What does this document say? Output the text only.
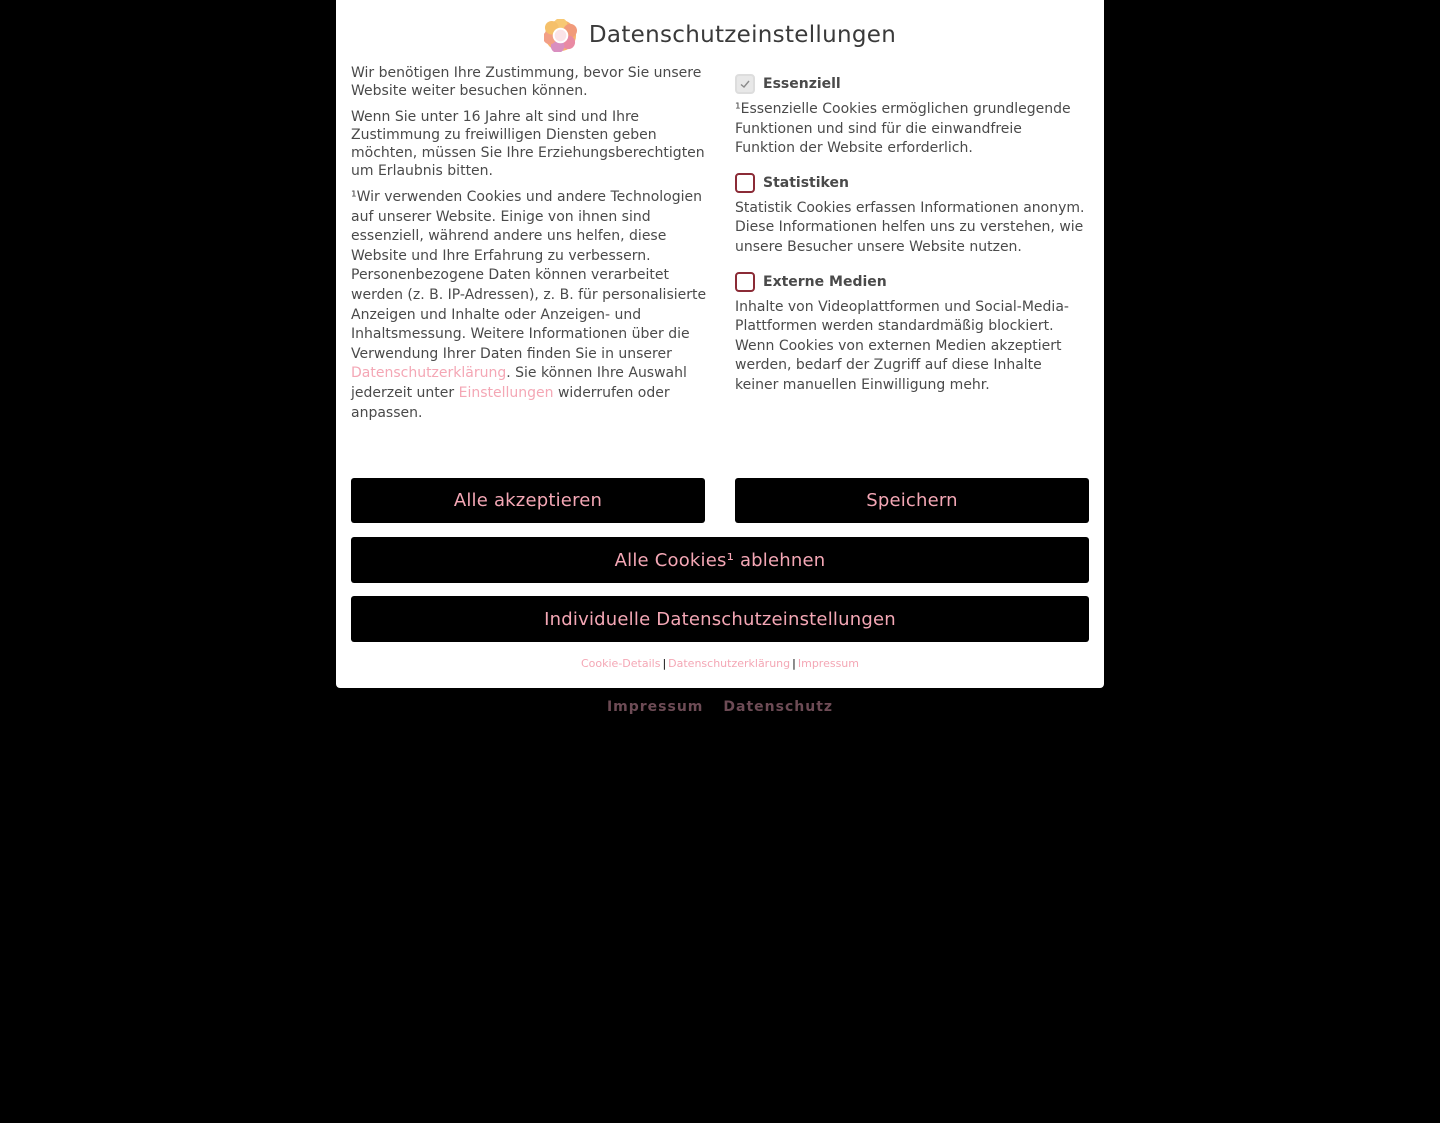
Datenschutzeinstellungen

Wir benötigen Ihre Zustimmung, bevor Sie unsere Website weiter besuchen können.

Wenn Sie unter 16 Jahre alt sind und Ihre Zustimmung zu freiwilligen Diensten geben möchten, müssen Sie Ihre Erziehungsberechtigten um Erlaubnis bitten.

¹Wir verwenden Cookies und andere Technologien auf unserer Website. Einige von ihnen sind essenziell, während andere uns helfen, diese Website und Ihre Erfahrung zu verbessern. Personenbezogene Daten können verarbeitet werden (z. B. IP-Adressen), z. B. für personalisierte Anzeigen und Inhalte oder Anzeigen- und Inhaltsmessung. Weitere Informationen über die Verwendung Ihrer Daten finden Sie in unserer Datenschutzerklärung. Sie können Ihre Auswahl jederzeit unter Einstellungen widerrufen oder anpassen.

Essenziell
¹Essenzielle Cookies ermöglichen grundlegende Funktionen und sind für die einwandfreie Funktion der Website erforderlich.
Statistiken
Statistik Cookies erfassen Informationen anonym. Diese Informationen helfen uns zu verstehen, wie unsere Besucher unsere Website nutzen.
Externe Medien
Inhalte von Videoplattformen und Social-Media-Plattformen werden standardmäßig blockiert. Wenn Cookies von externen Medien akzeptiert werden, bedarf der Zugriff auf diese Inhalte keiner manuellen Einwilligung mehr.
Alle akzeptieren	Speichern
Alle Cookies¹ ablehnen
Individuelle Datenschutzeinstellungen
Cookie-Details | Datenschutzerklärung | Impressum
Impressum Datenschutz
